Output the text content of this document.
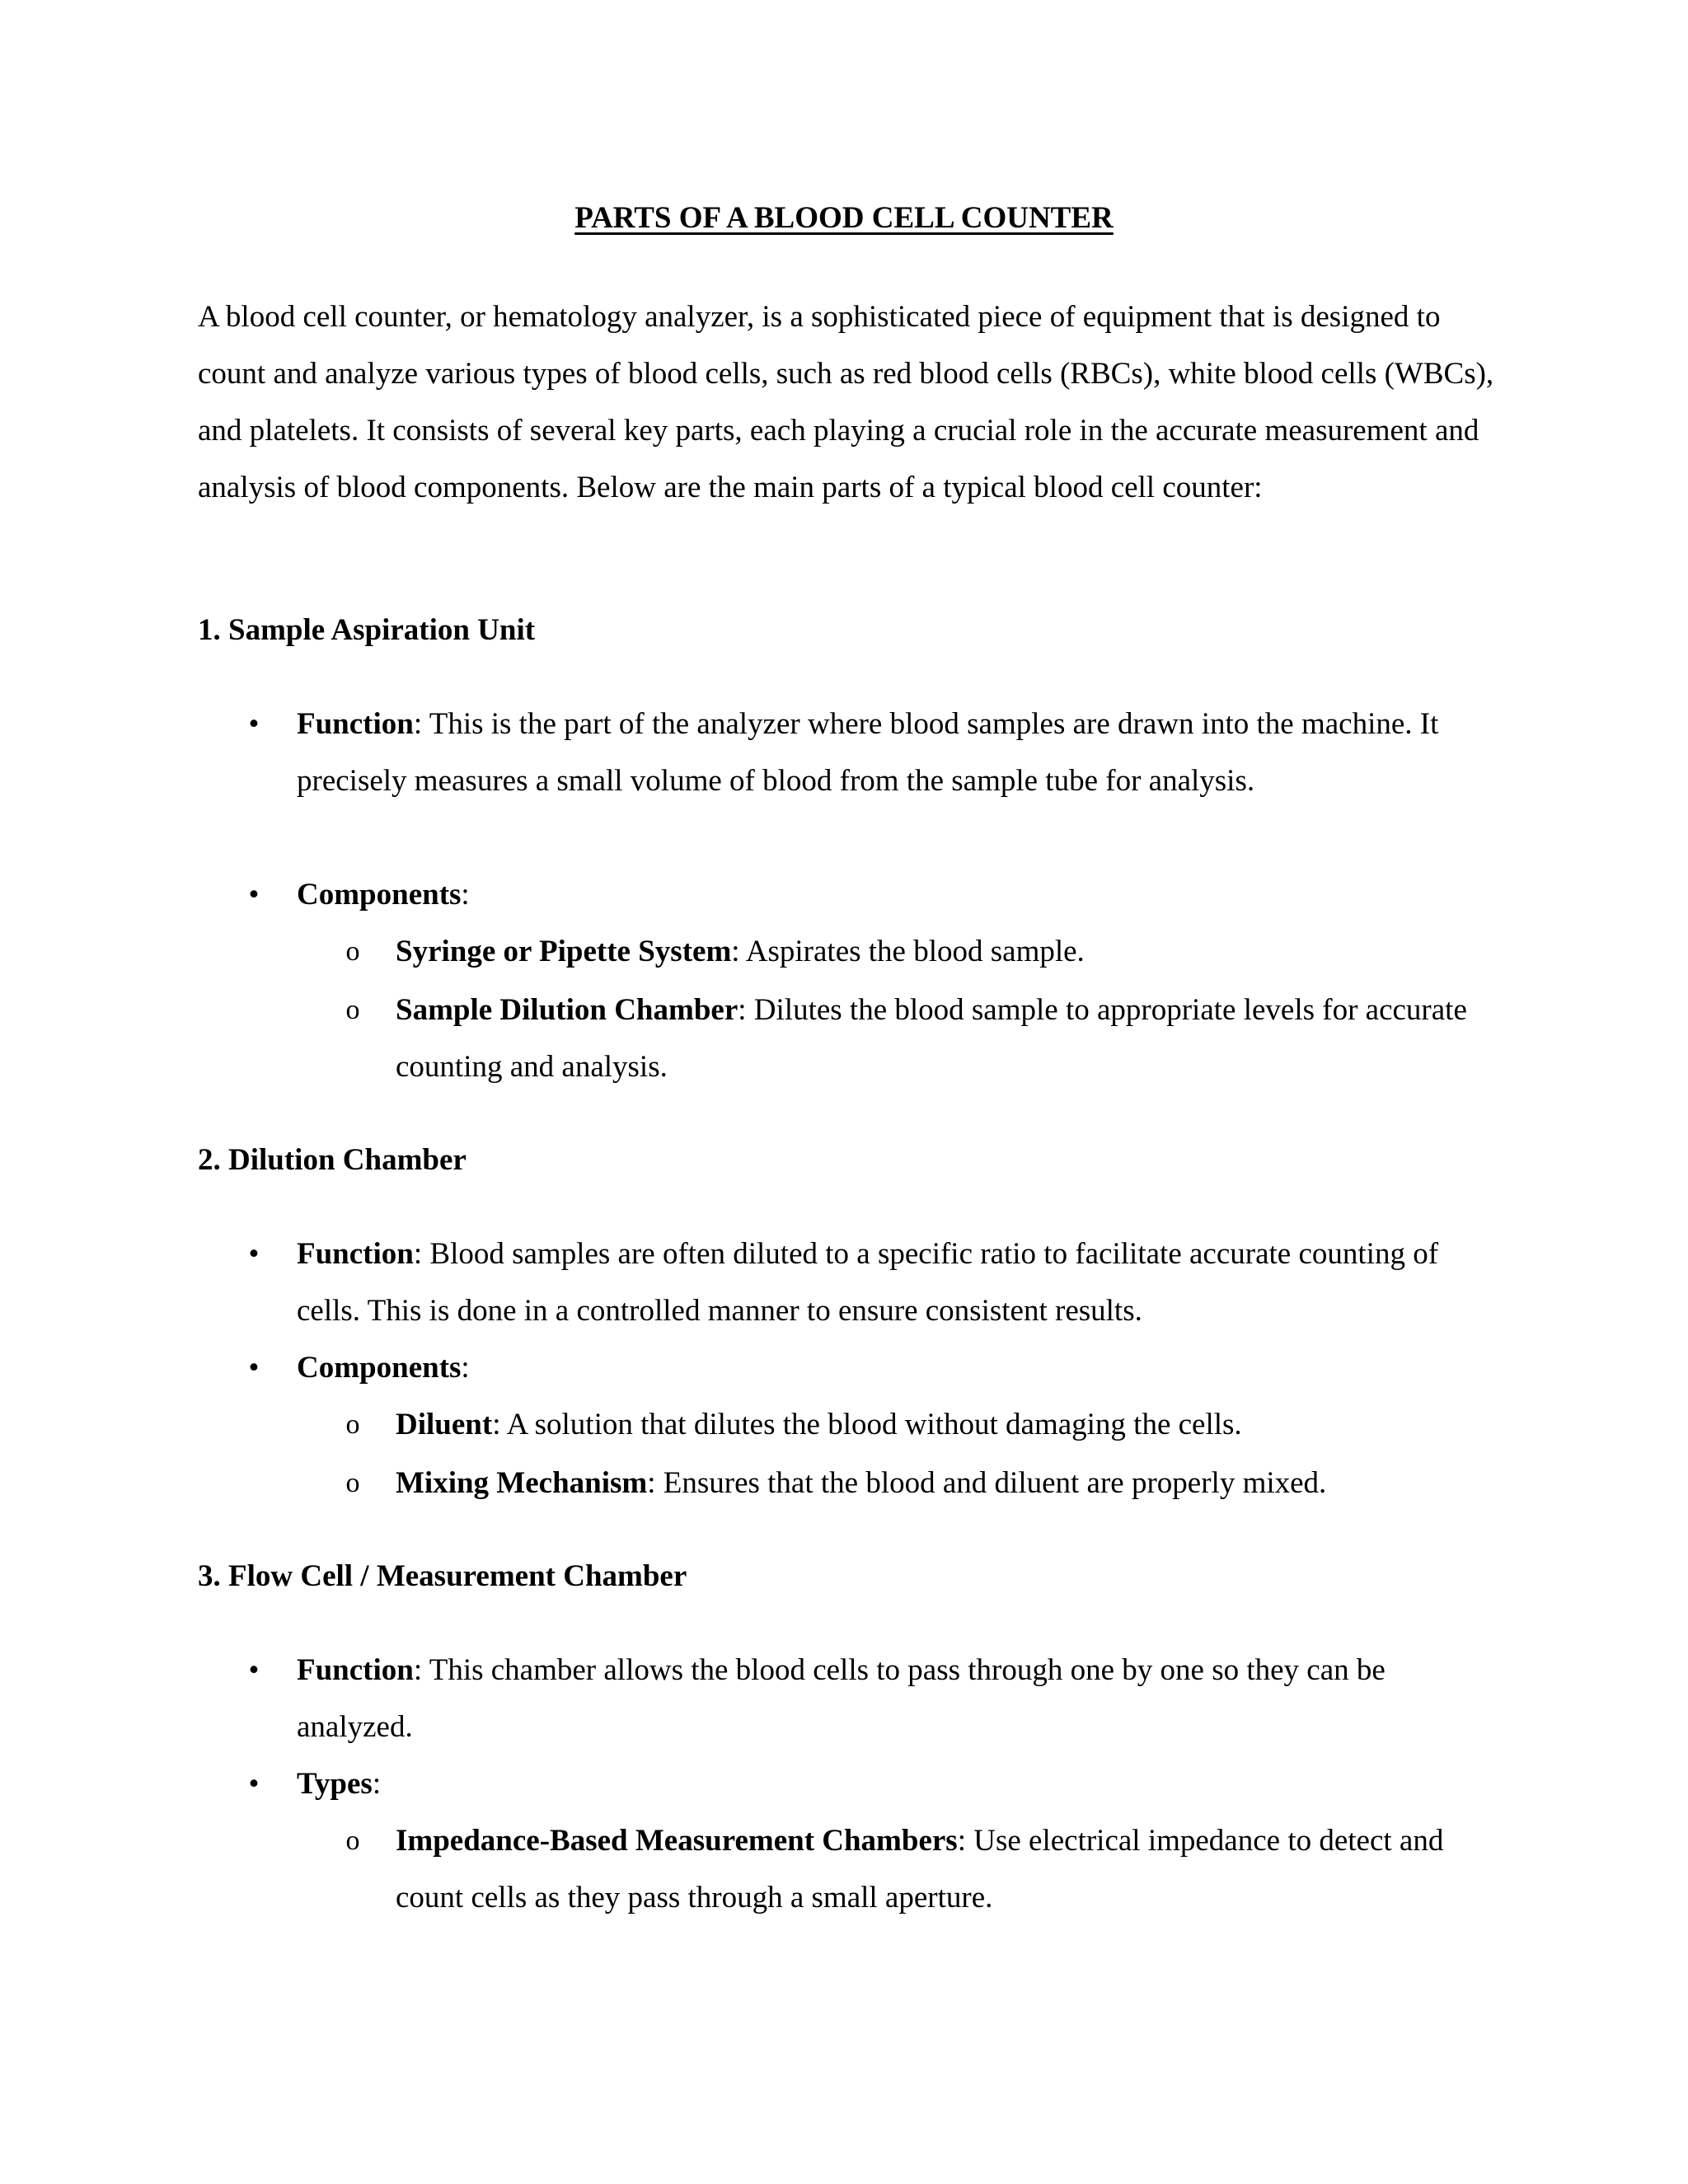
PARTS OF A BLOOD CELL COUNTER

A blood cell counter, or hematology analyzer, is a sophisticated piece of equipment that is designed to count and analyze various types of blood cells, such as red blood cells (RBCs), white blood cells (WBCs), and platelets. It consists of several key parts, each playing a crucial role in the accurate measurement and analysis of blood components. Below are the main parts of a typical blood cell counter:

1. Sample Aspiration Unit

• Function: This is the part of the analyzer where blood samples are drawn into the machine. It precisely measures a small volume of blood from the sample tube for analysis.
• Components:
o Syringe or Pipette System: Aspirates the blood sample.
o Sample Dilution Chamber: Dilutes the blood sample to appropriate levels for accurate counting and analysis.

2. Dilution Chamber

• Function: Blood samples are often diluted to a specific ratio to facilitate accurate counting of cells. This is done in a controlled manner to ensure consistent results.
• Components:
o Diluent: A solution that dilutes the blood without damaging the cells.
o Mixing Mechanism: Ensures that the blood and diluent are properly mixed.

3. Flow Cell / Measurement Chamber

• Function: This chamber allows the blood cells to pass through one by one so they can be analyzed.
• Types:
o Impedance-Based Measurement Chambers: Use electrical impedance to detect and count cells as they pass through a small aperture.
